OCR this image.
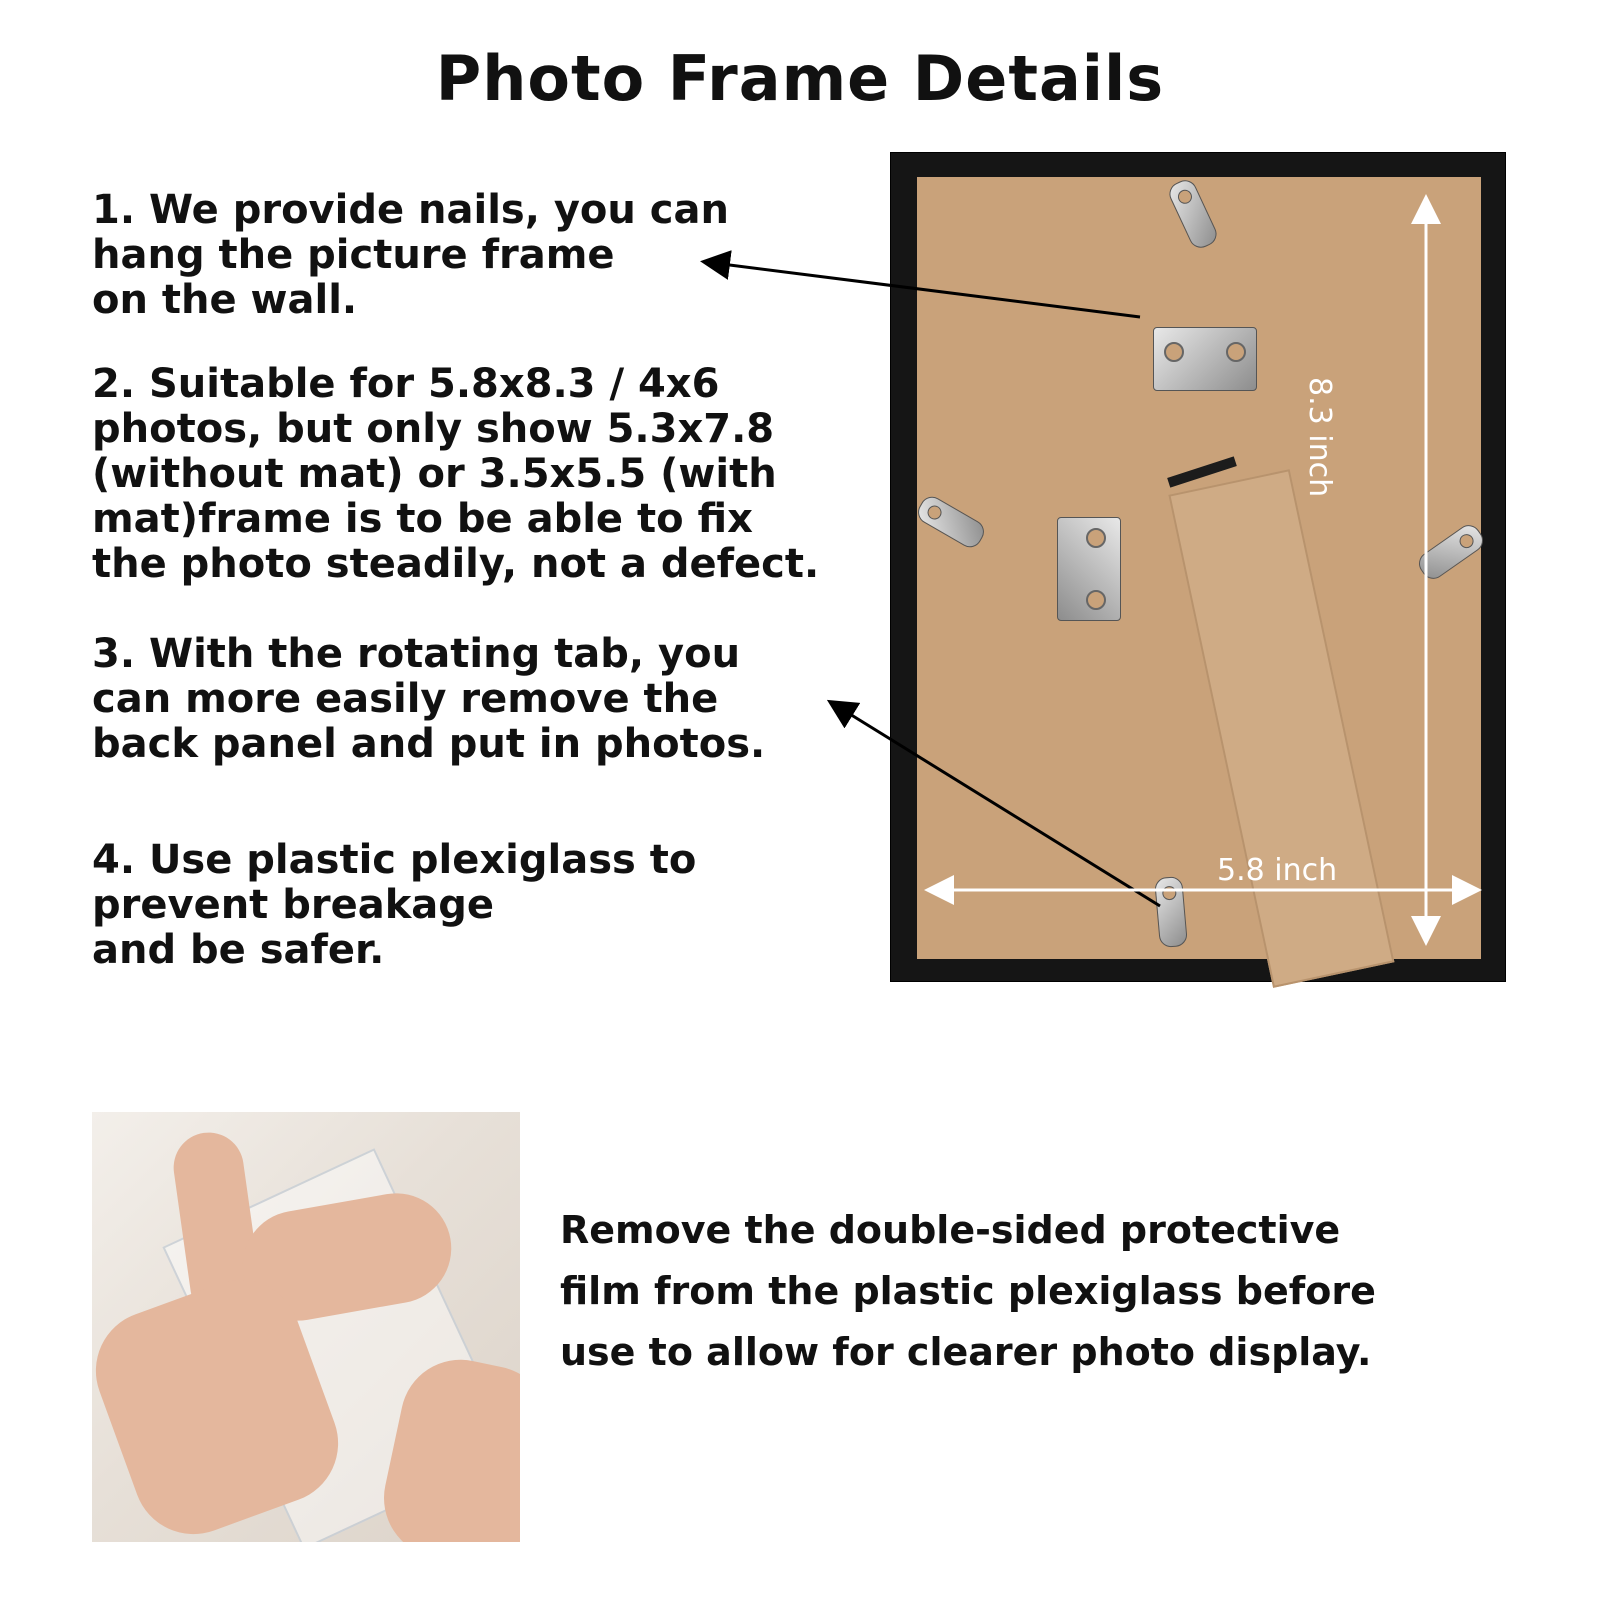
Photo Frame Details

1. We provide nails, you can
hang the picture frame
on the wall.

2. Suitable for 5.8x8.3 / 4x6
photos, but only show 5.3x7.8
(without mat) or 3.5x5.5 (with
mat)frame is to be able to fix
the photo steadily, not a defect.

3. With the rotating tab, you
can more easily remove the
back panel and put in photos.

4. Use plastic plexiglass to
prevent breakage
and be safer.

5.8 inch
8.3 inch

Remove the double-sided protective
film from the plastic plexiglass before
use to allow for clearer photo display.
